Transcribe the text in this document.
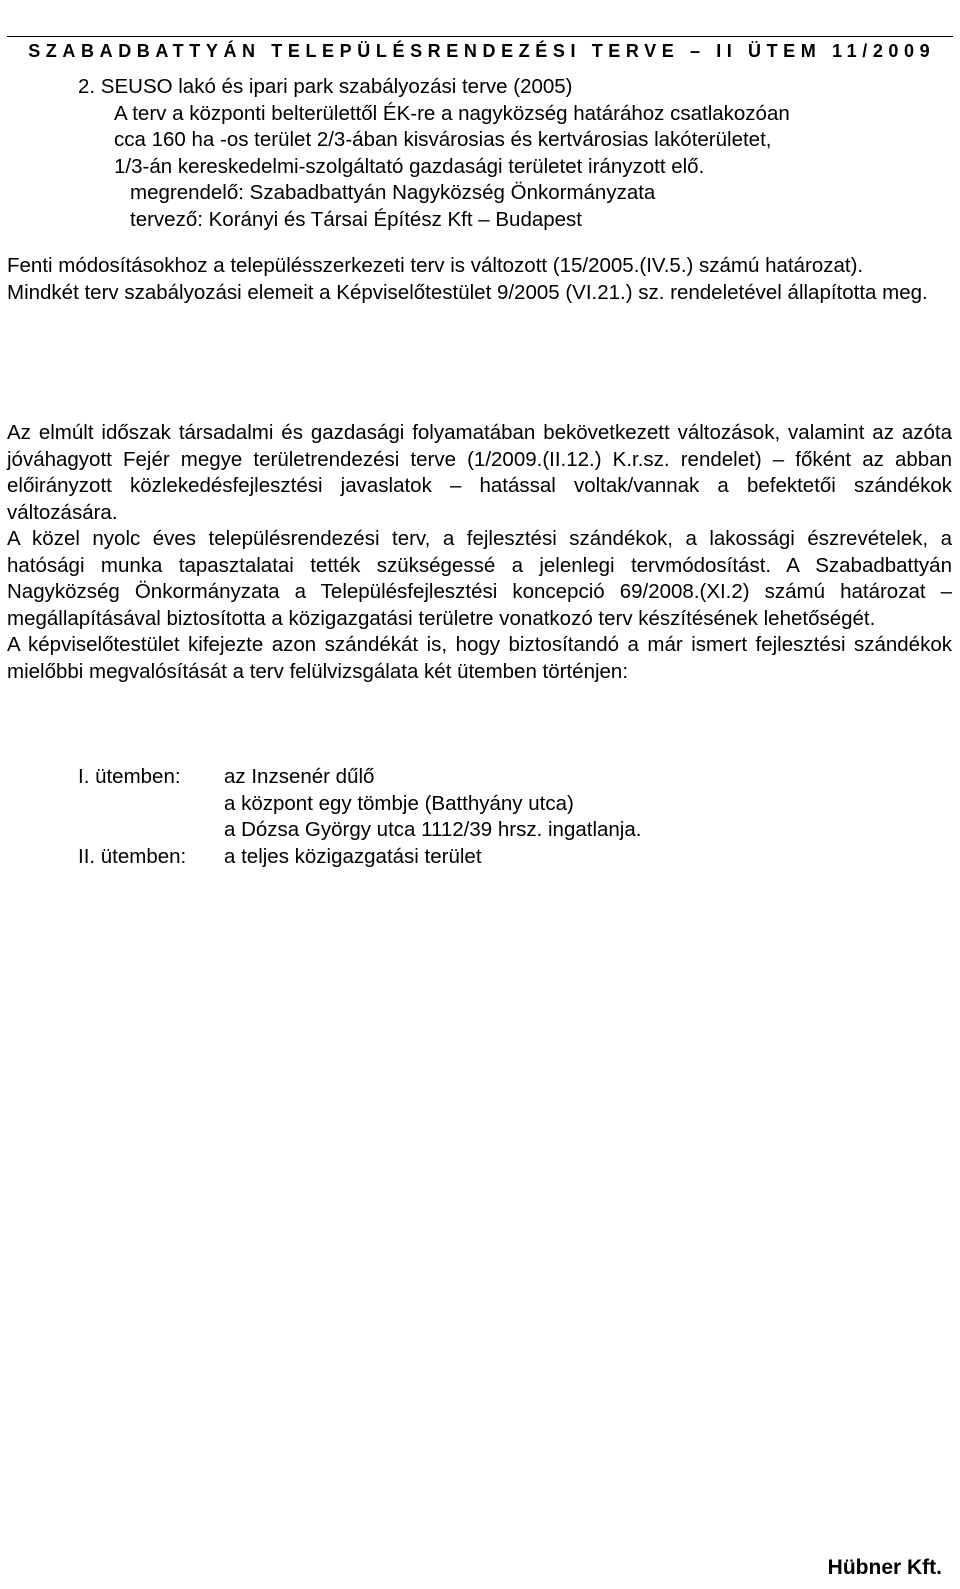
SZABADBATTYÁN TELEPÜLÉSRENDEZÉSI TERVE – II ÜTEM 11/2009

2. SEUSO lakó és ipari park szabályozási terve (2005)
A terv a központi belterülettől ÉK-re a nagyközség határához csatlakozóan
cca 160 ha -os terület 2/3-ában kisvárosias és kertvárosias lakóterületet,
1/3-án kereskedelmi-szolgáltató gazdasági területet irányzott elő.
megrendelő: Szabadbattyán Nagyközség Önkormányzata
tervező: Korányi és Társai Építész Kft – Budapest

Fenti módosításokhoz a településszerkezeti terv is változott (15/2005.(IV.5.) számú határozat).

Mindkét terv szabályozási elemeit a Képviselőtestület 9/2005 (VI.21.) sz. rendeletével állapította meg.

Az elmúlt időszak társadalmi és gazdasági folyamatában bekövetkezett változások, valamint az azóta jóváhagyott Fejér megye területrendezési terve (1/2009.(II.12.) K.r.sz. rendelet) – főként az abban előirányzott közlekedésfejlesztési javaslatok – hatással voltak/vannak a befektetői szándékok változására.

A közel nyolc éves településrendezési terv, a fejlesztési szándékok, a lakossági észrevételek, a hatósági munka tapasztalatai tették szükségessé a jelenlegi tervmódosítást. A Szabadbattyán Nagyközség Önkormányzata a Településfejlesztési koncepció 69/2008.(XI.2) számú határozat – megállapításával biztosította a közigazgatási területre vonatkozó terv készítésének lehetőségét.

A képviselőtestület kifejezte azon szándékát is, hogy biztosítandó a már ismert fejlesztési szándékok mielőbbi megvalósítását a terv felülvizsgálata két ütemben történjen:

I. ütemben:	az Inzsenér dűlő
a központ egy tömbje (Batthyány utca)
a Dózsa György utca 1112/39 hrsz. ingatlanja.
II. ütemben:	a teljes közigazgatási terület
Hübner Kft.
